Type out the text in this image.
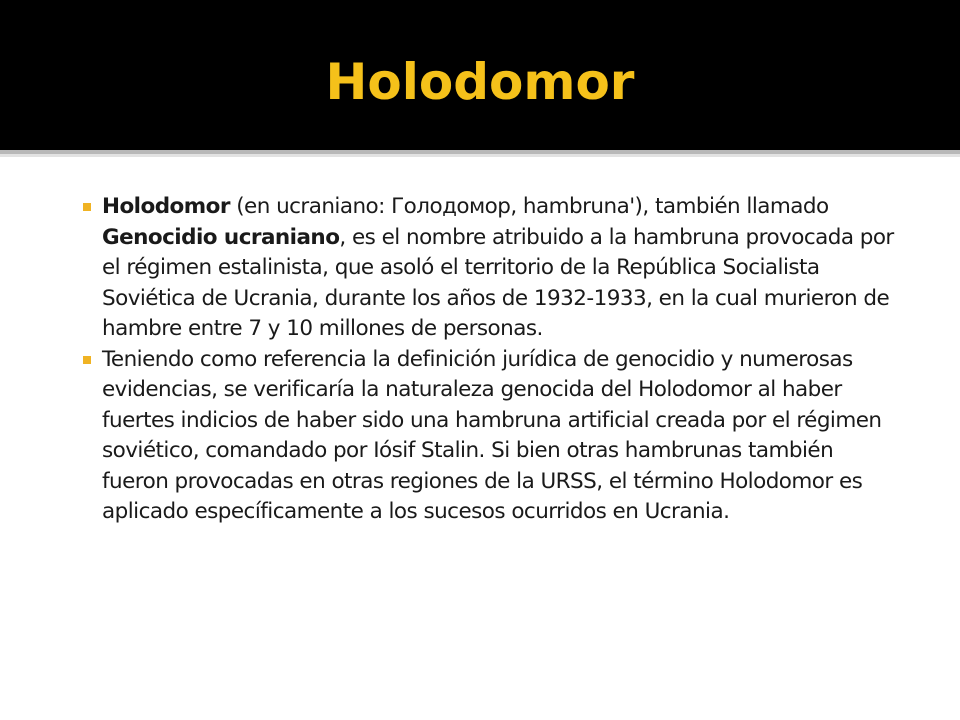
Holodomor
Holodomor (en ucraniano: Голодомор, hambruna'), también llamado Genocidio ucraniano, es el nombre atribuido a la hambruna provocada por el régimen estalinista, que asoló el territorio de la República Socialista Soviética de Ucrania, durante los años de 1932-1933, en la cual murieron de hambre entre 7 y 10 millones de personas.
Teniendo como referencia la definición jurídica de genocidio y numerosas evidencias, se verificaría la naturaleza genocida del Holodomor al haber fuertes indicios de haber sido una hambruna artificial creada por el régimen soviético, comandado por Iósif Stalin. Si bien otras hambrunas también fueron provocadas en otras regiones de la URSS, el término Holodomor es aplicado específicamente a los sucesos ocurridos en Ucrania.
